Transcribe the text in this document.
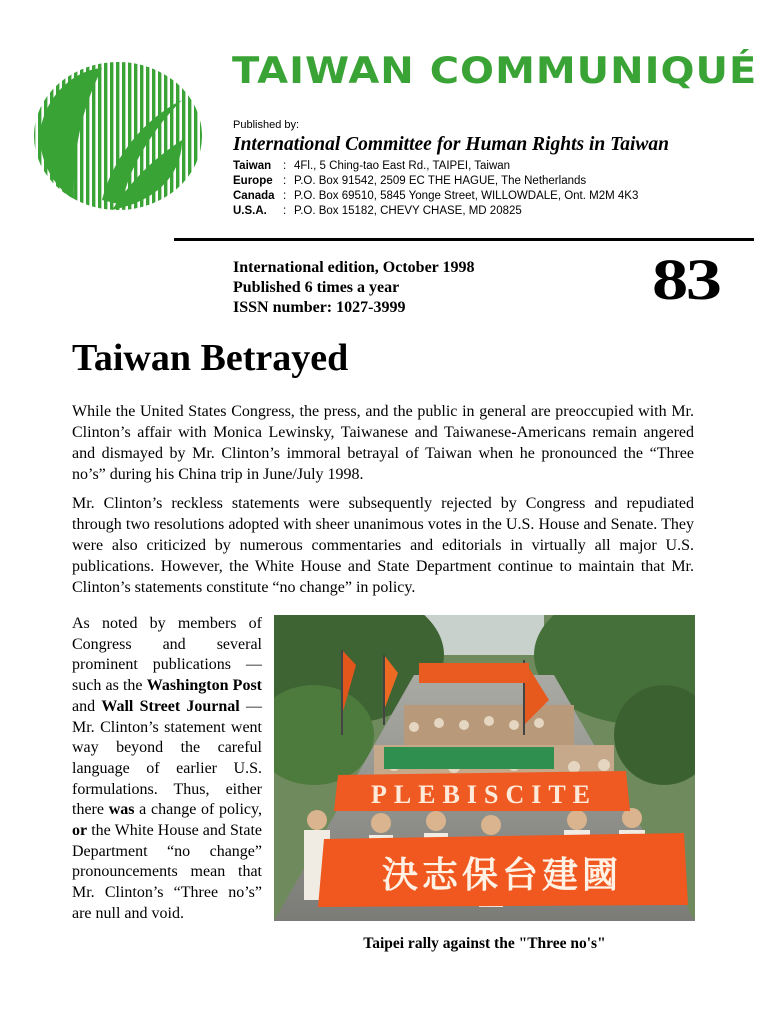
TAIWAN COMMUNIQUÉ
Published by:
International Committee for Human Rights in Taiwan
Taiwan	: 4Fl., 5 Ching-tao East Rd., TAIPEI, Taiwan
Europe : P.O. Box 91542, 2509 EC THE HAGUE, The Netherlands
Canada : P.O. Box 69510, 5845 Yonge Street, WILLOWDALE, Ont. M2M 4K3
U.S.A.	: P.O. Box 15182, CHEVY CHASE, MD 20825
International edition, October 1998
Published 6 times a year
ISSN number: 1027-3999	83
Taiwan Betrayed
While the United States Congress, the press, and the public in general are preoccupied with Mr. Clinton’s affair with Monica Lewinsky, Taiwanese and Taiwanese-Americans remain angered and dismayed by Mr. Clinton’s immoral betrayal of Taiwan when he pronounced the “Three no’s” during his China trip in June/July 1998.
Mr. Clinton’s reckless statements were subsequently rejected by Congress and repudiated through two resolutions adopted with sheer unanimous votes in the U.S. House and Senate. They were also criticized by numerous commentaries and editorials in virtually all major U.S. publications. However, the White House and State Department continue to maintain that Mr. Clinton’s statements constitute “no change” in policy.
As noted by members of Congress and several prominent publications — such as the Washington Post and Wall Street Journal — Mr. Clinton’s statement went way beyond the careful language of earlier U.S. formulations. Thus, either there was a change of policy, or the White House and State Department “no change” pronouncements mean that Mr. Clinton’s “Three no’s” are null and void.
PLEBISCITE
決志保台建國
Taipei rally against the "Three no's"
